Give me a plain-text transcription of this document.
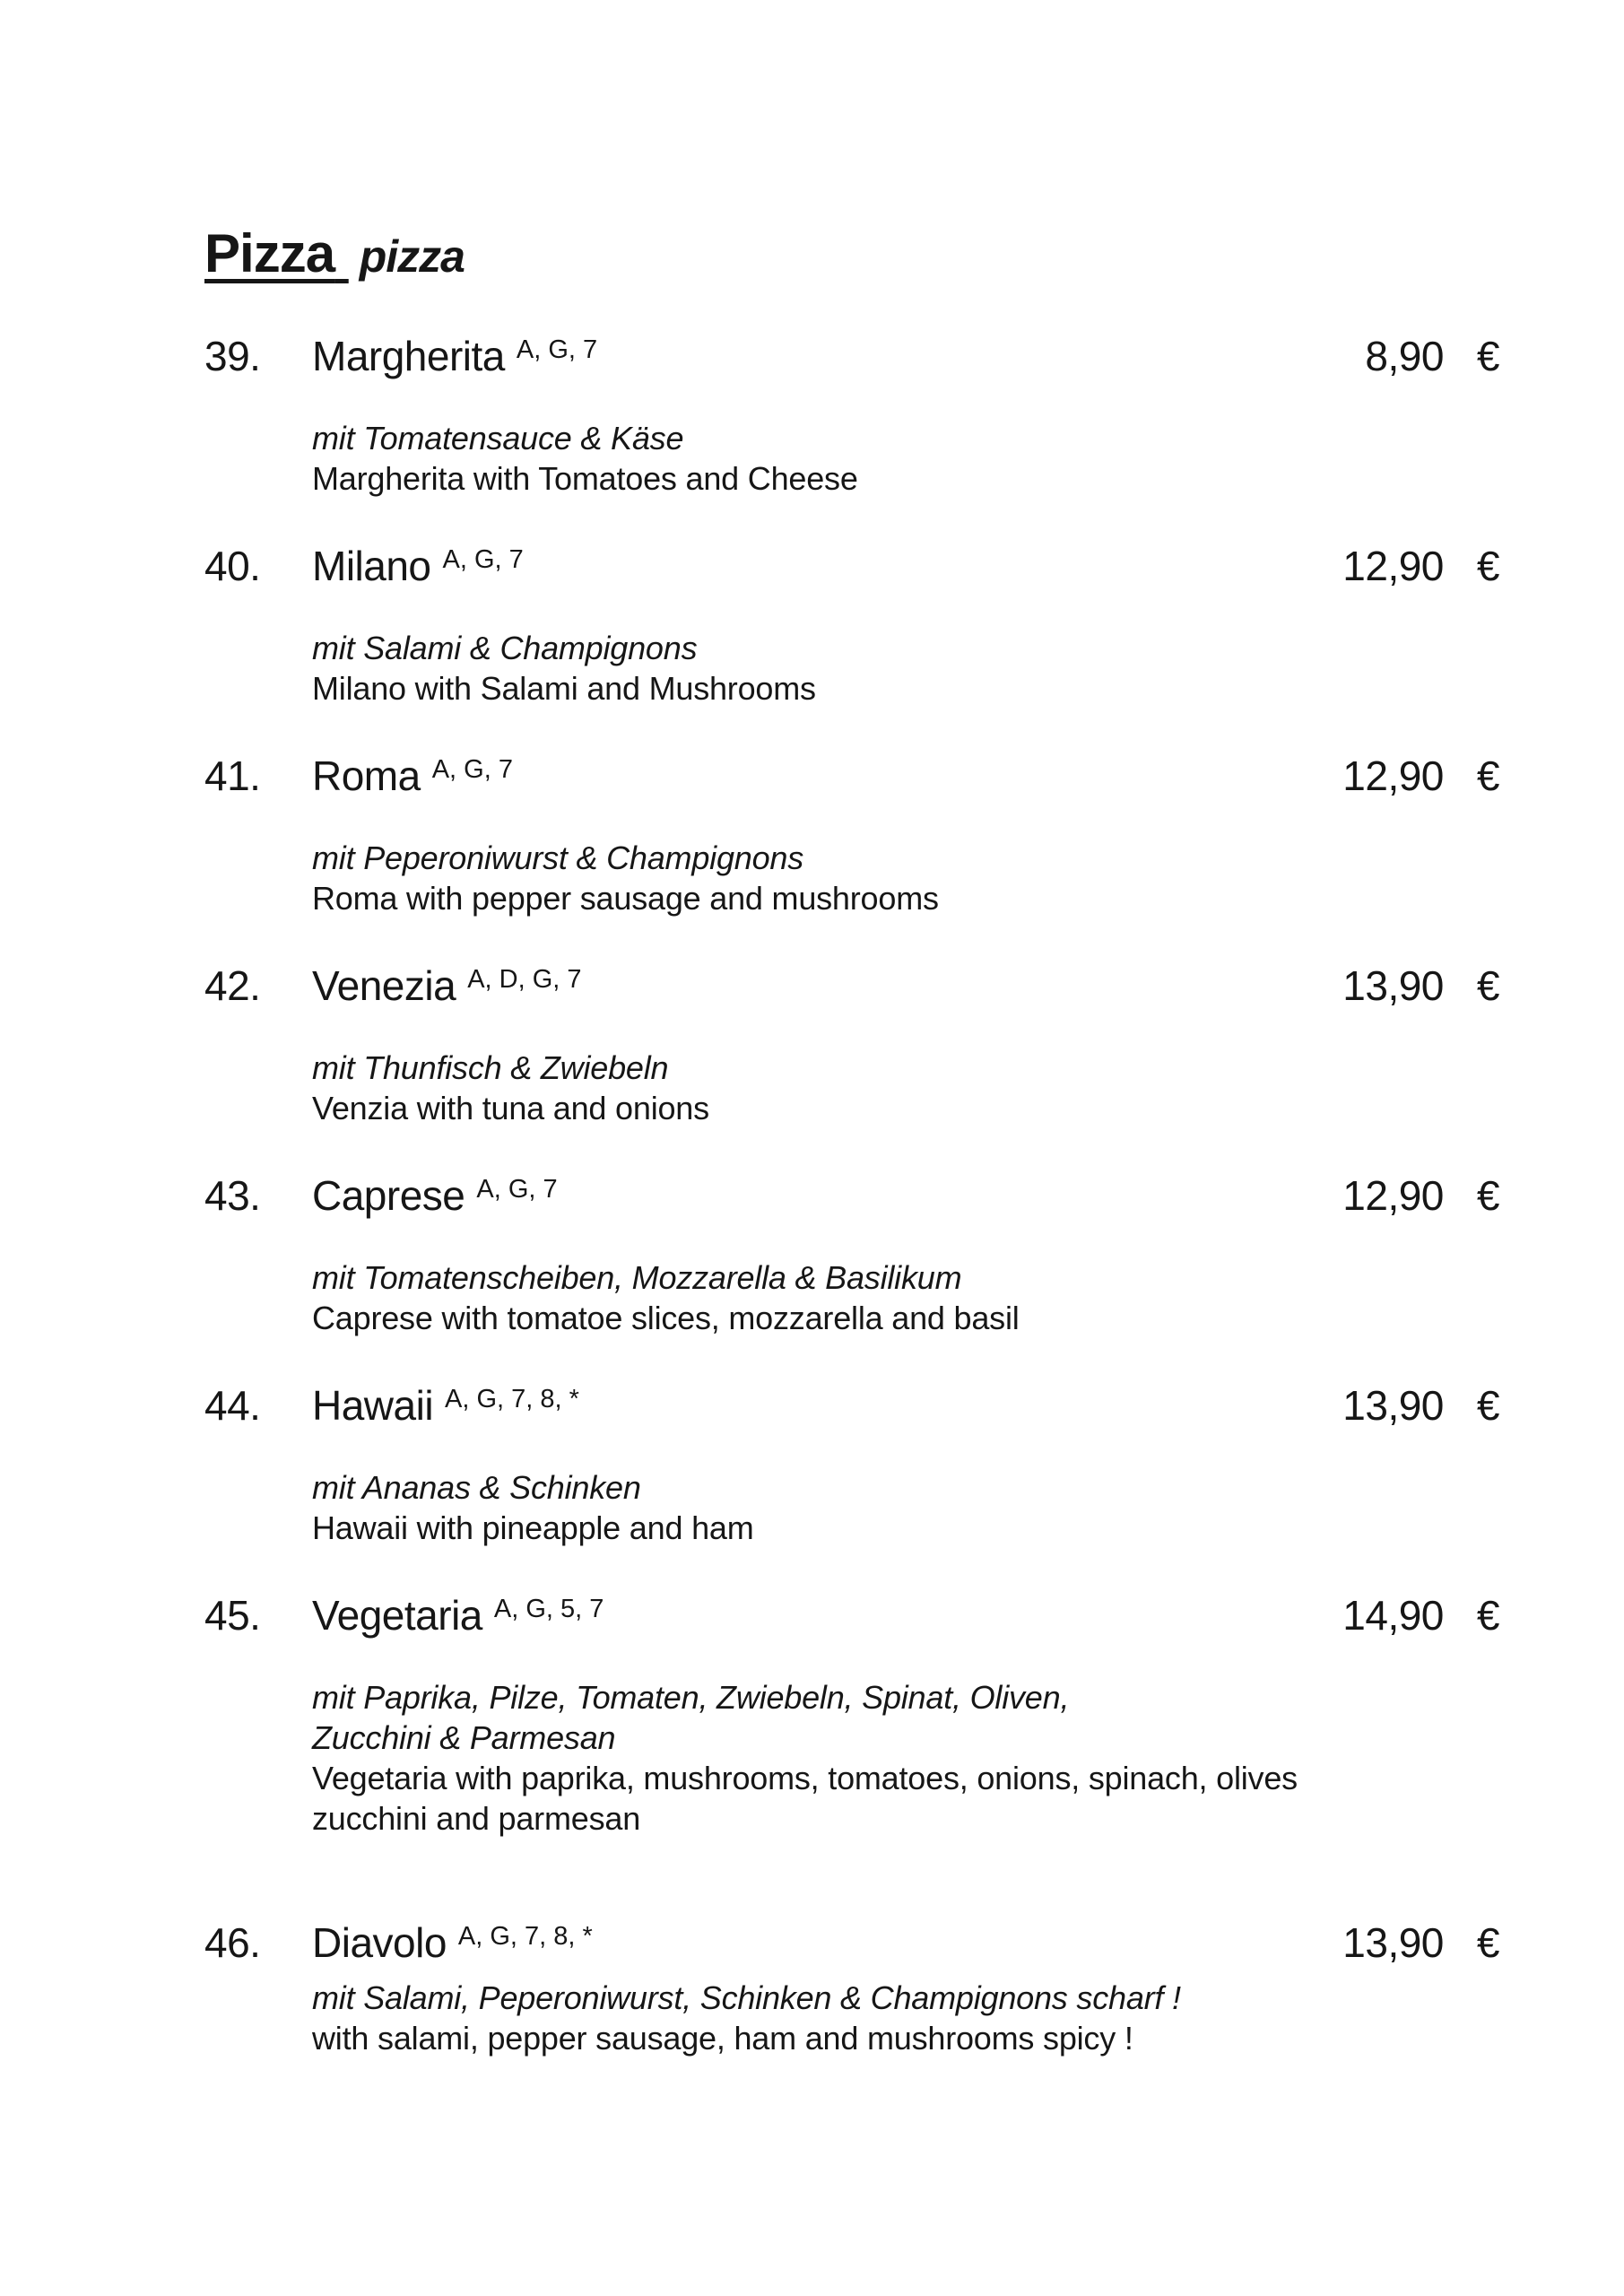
Pizza pizza
39.	Margherita A, G, 7	8,90 €
mit Tomatensauce & Käse
Margherita with Tomatoes and Cheese
40.	Milano A, G, 7	12,90 €
mit Salami & Champignons
Milano with Salami and Mushrooms
41.	Roma A, G, 7	12,90 €
mit Peperoniwurst & Champignons
Roma with pepper sausage and mushrooms
42.	Venezia A, D, G, 7	13,90 €
mit Thunfisch & Zwiebeln
Venzia with tuna and onions
43.	Caprese A, G, 7	12,90 €
mit Tomatenscheiben, Mozzarella & Basilikum
Caprese with tomatoe slices, mozzarella and basil
44.	Hawaii A, G, 7, 8, *	13,90 €
mit Ananas & Schinken
Hawaii with pineapple and ham
45.	Vegetaria A, G, 5, 7	14,90 €
mit Paprika, Pilze, Tomaten, Zwiebeln, Spinat, Oliven,
Zucchini & Parmesan
Vegetaria with paprika, mushrooms, tomatoes, onions, spinach, olives
zucchini and parmesan
46.	Diavolo A, G, 7, 8, *	13,90 €
mit Salami, Peperoniwurst, Schinken & Champignons scharf !
with salami, pepper sausage, ham and mushrooms spicy !
